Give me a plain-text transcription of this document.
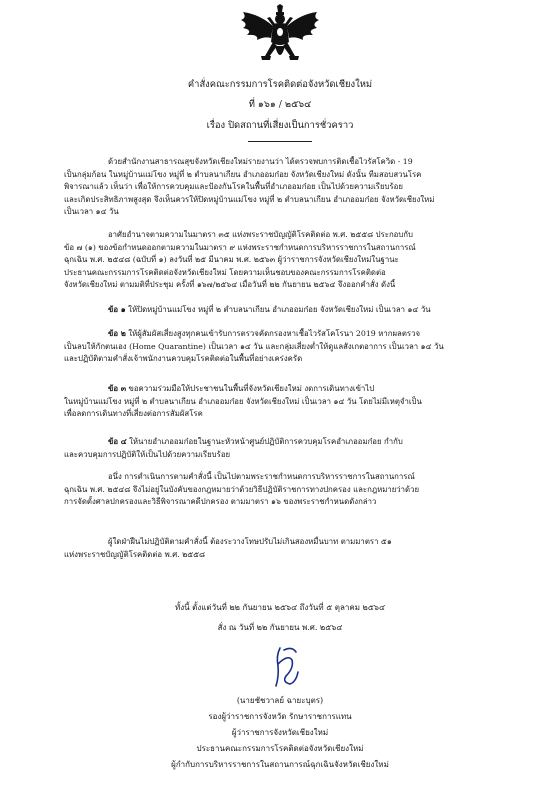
คำสั่งคณะกรรมการโรคติดต่อจังหวัดเชียงใหม่
ที่ ๑๖๑ / ๒๕๖๔
เรื่อง ปิดสถานที่เสี่ยงเป็นการชั่วคราว
ด้วยสำนักงานสาธารณสุขจังหวัดเชียงใหม่รายงานว่า ได้ตรวจพบการติดเชื้อไวรัสโควิด - 19
เป็นกลุ่มก้อน ในหมู่บ้านแม่โขง หมู่ที่ ๒ ตำบลนาเกียน อำเภออมก๋อย จังหวัดเชียงใหม่ ดังนั้น ทีมสอบสวนโรค
พิจารณาแล้ว เห็นว่า เพื่อให้การควบคุมและป้องกันโรคในพื้นที่อำเภออมก๋อย เป็นไปด้วยความเรียบร้อย
และเกิดประสิทธิภาพสูงสุด จึงเห็นควรให้ปิดหมู่บ้านแม่โขง หมู่ที่ ๒ ตำบลนาเกียน อำเภออมก๋อย จังหวัดเชียงใหม่
เป็นเวลา ๑๔ วัน
อาศัยอำนาจตามความในมาตรา ๓๕ แห่งพระราชบัญญัติโรคติดต่อ พ.ศ. ๒๕๕๘ ประกอบกับ
ข้อ ๗ (๑) ของข้อกำหนดออกตามความในมาตรา ๙ แห่งพระราชกำหนดการบริหารราชการในสถานการณ์
ฉุกเฉิน พ.ศ. ๒๕๔๘ (ฉบับที่ ๑) ลงวันที่ ๒๕ มีนาคม พ.ศ. ๒๕๖๓ ผู้ว่าราชการจังหวัดเชียงใหม่ในฐานะ
ประธานคณะกรรมการโรคติดต่อจังหวัดเชียงใหม่ โดยความเห็นชอบของคณะกรรมการโรคติดต่อ
จังหวัดเชียงใหม่ ตามมติที่ประชุม ครั้งที่ ๑๖๗/๒๕๖๔ เมื่อวันที่ ๒๒ กันยายน ๒๕๖๔ จึงออกคำสั่ง ดังนี้
ข้อ ๑ ให้ปิดหมู่บ้านแม่โขง หมู่ที่ ๒ ตำบลนาเกียน อำเภออมก๋อย จังหวัดเชียงใหม่ เป็นเวลา ๑๔ วัน
ข้อ ๒ ให้ผู้สัมผัสเสี่ยงสูงทุกคนเข้ารับการตรวจคัดกรองหาเชื้อไวรัสโคโรนา 2019 หากผลตรวจ
เป็นลบให้กักตนเอง (Home Quarantine) เป็นเวลา ๑๔ วัน และกลุ่มเสี่ยงต่ำให้ดูแลสังเกตอาการ เป็นเวลา ๑๔ วัน
และปฏิบัติตามคำสั่งเจ้าพนักงานควบคุมโรคติดต่อในพื้นที่อย่างเคร่งครัด
ข้อ ๓ ขอความร่วมมือให้ประชาชนในพื้นที่จังหวัดเชียงใหม่ งดการเดินทางเข้าไป
ในหมู่บ้านแม่โขง หมู่ที่ ๒ ตำบลนาเกียน อำเภออมก๋อย จังหวัดเชียงใหม่ เป็นเวลา ๑๔ วัน โดยไม่มีเหตุจำเป็น
เพื่อลดการเดินทางที่เสี่ยงต่อการสัมผัสโรค
ข้อ ๔ ให้นายอำเภออมก๋อยในฐานะหัวหน้าศูนย์ปฏิบัติการควบคุมโรคอำเภออมก๋อย กำกับ
และควบคุมการปฏิบัติให้เป็นไปด้วยความเรียบร้อย
อนึ่ง การดำเนินการตามคำสั่งนี้ เป็นไปตามพระราชกำหนดการบริหารราชการในสถานการณ์
ฉุกเฉิน พ.ศ. ๒๕๔๘ จึงไม่อยู่ในบังคับของกฎหมายว่าด้วยวิธีปฏิบัติราชการทางปกครอง และกฎหมายว่าด้วย
การจัดตั้งศาลปกครองและวิธีพิจารณาคดีปกครอง ตามมาตรา ๑๖ ของพระราชกำหนดดังกล่าว
ผู้ใดฝ่าฝืนไม่ปฏิบัติตามคำสั่งนี้ ต้องระวางโทษปรับไม่เกินสองหมื่นบาท ตามมาตรา ๕๑
แห่งพระราชบัญญัติโรคติดต่อ พ.ศ. ๒๕๕๘
ทั้งนี้ ตั้งแต่วันที่ ๒๒ กันยายน ๒๕๖๔ ถึงวันที่ ๕ ตุลาคม ๒๕๖๔
สั่ง ณ วันที่ ๒๒ กันยายน พ.ศ. ๒๕๖๔
(นายชัชวาลย์ ฉายะบุตร)
รองผู้ว่าราชการจังหวัด รักษาราชการแทน
ผู้ว่าราชการจังหวัดเชียงใหม่
ประธานคณะกรรมการโรคติดต่อจังหวัดเชียงใหม่
ผู้กำกับการบริหารราชการในสถานการณ์ฉุกเฉินจังหวัดเชียงใหม่
